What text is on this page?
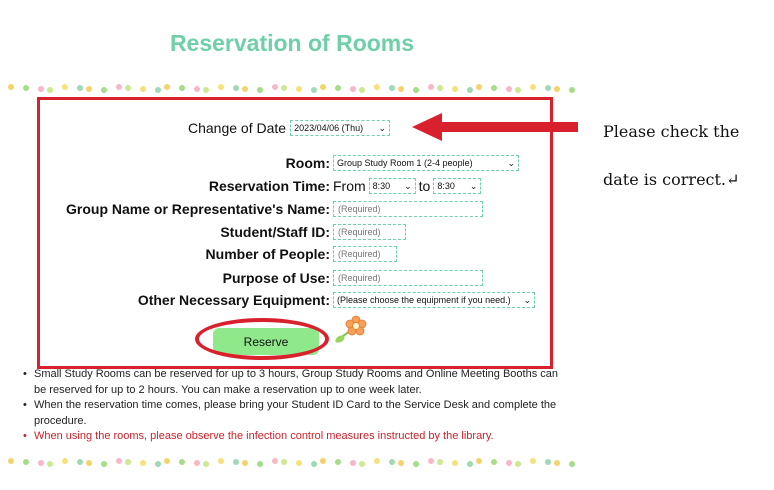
Reservation of Rooms
Change of Date 2023/04/06 (Thu) ⌄
Room: Group Study Room 1 (2-4 people)	⌄
Reservation Time: From 8:30 ⌄ to 8:30 ⌄
Group Name or Representative's Name: (Required)
Student/Staff ID: (Required)
Number of People: (Required)
Purpose of Use: (Required)
Other Necessary Equipment: (Please choose the equipment if you need.) ⌄
Reserve
Please check the
date is correct.↵
• Small Study Rooms can be reserved for up to 3 hours, Group Study Rooms and Online Meeting Booths can be reserved for up to 2 hours. You can make a reservation up to one week later.
• When the reservation time comes, please bring your Student ID Card to the Service Desk and complete the procedure.
• When using the rooms, please observe the infection control measures instructed by the library.
